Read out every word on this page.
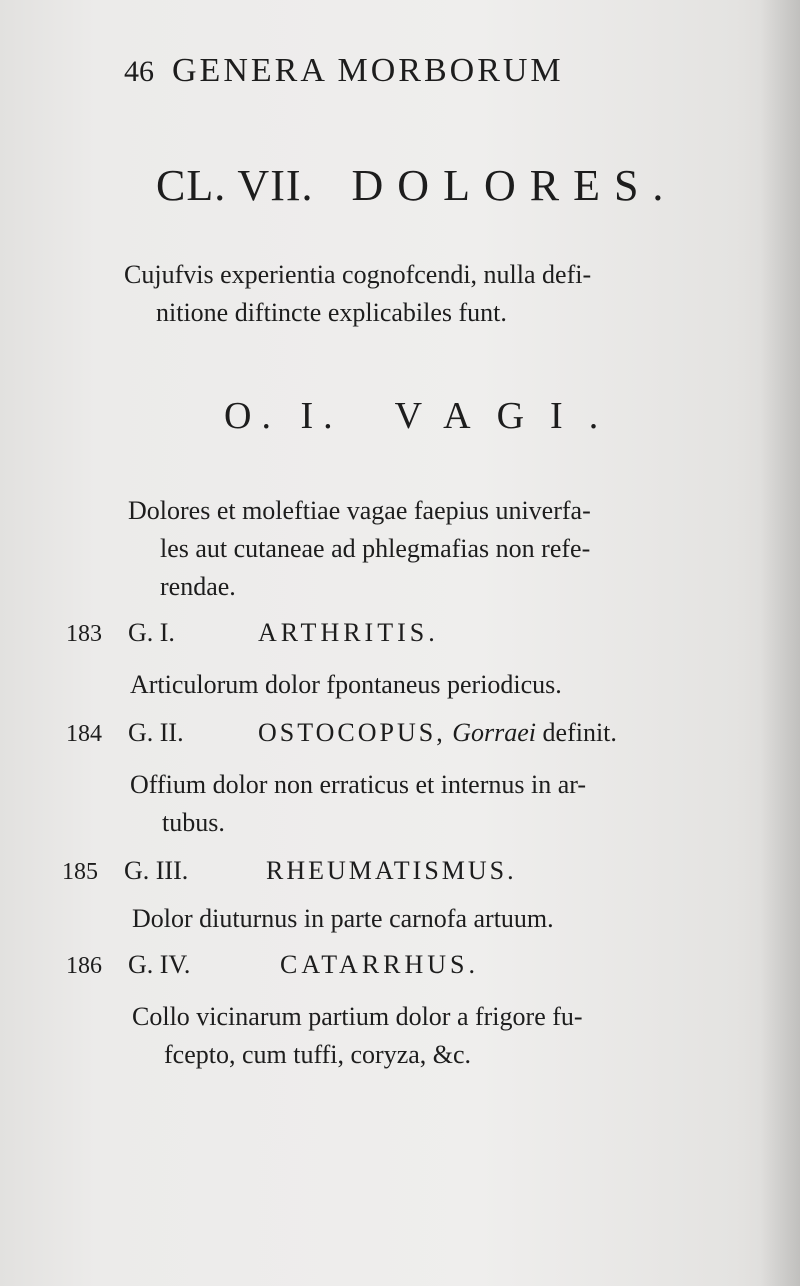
46 GENERA MORBORUM
CL. VII. DOLORES.
Cujufvis experientia cognofcendi, nulla defi-
nitione diftincte explicabiles funt.
O. I. VAGI.
Dolores et moleftiae vagae faepius univerfa-
les aut cutaneae ad phlegmafias non refe-
rendae.
183 G. I.	ARTHRITIS.
Articulorum dolor fpontaneus periodicus.
184 G. II.	OSTOCOPUS, Gorraei definit.
Offium dolor non erraticus et internus in ar-
tubus.
185 G. III.	RHEUMATISMUS.
Dolor diuturnus in parte carnofa artuum.
186 G. IV.	CATARRHUS.
Collo vicinarum partium dolor a frigore fu-
fcepto, cum tuffi, coryza, &c.
